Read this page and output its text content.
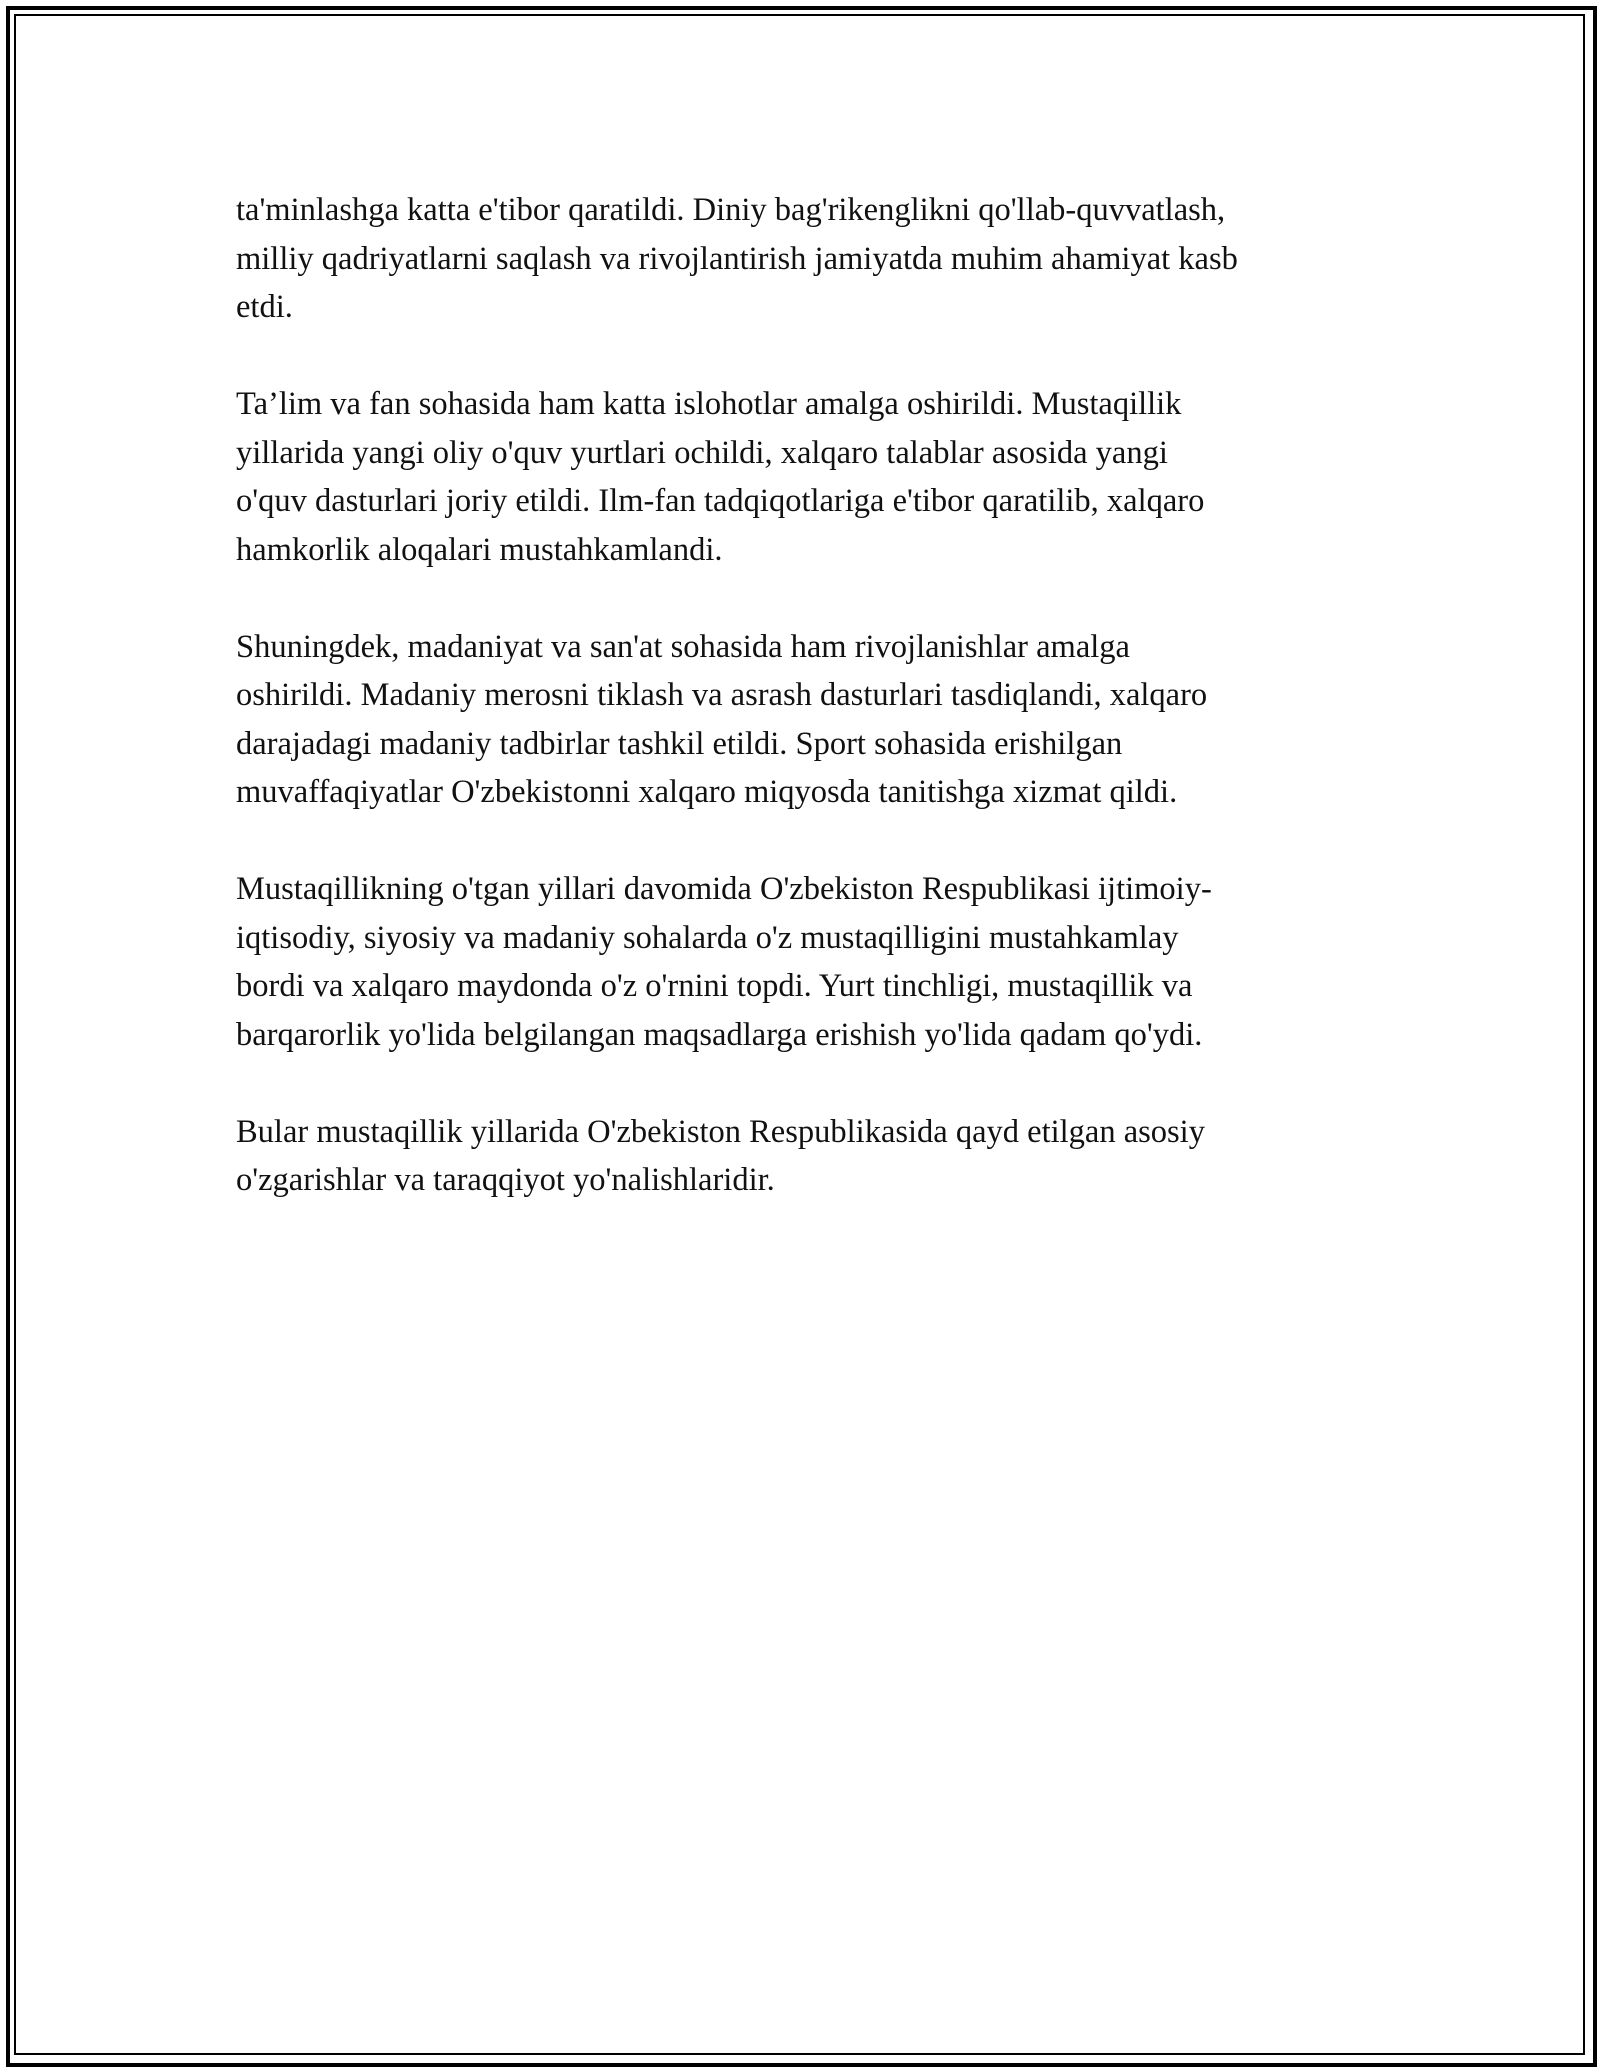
ta'minlashga katta e'tibor qaratildi. Diniy bag'rikenglikni qo'llab-quvvatlash,
milliy qadriyatlarni saqlash va rivojlantirish jamiyatda muhim ahamiyat kasb
etdi.

Ta’lim va fan sohasida ham katta islohotlar amalga oshirildi. Mustaqillik
yillarida yangi oliy o'quv yurtlari ochildi, xalqaro talablar asosida yangi
o'quv dasturlari joriy etildi. Ilm-fan tadqiqotlariga e'tibor qaratilib, xalqaro
hamkorlik aloqalari mustahkamlandi.

Shuningdek, madaniyat va san'at sohasida ham rivojlanishlar amalga
oshirildi. Madaniy merosni tiklash va asrash dasturlari tasdiqlandi, xalqaro
darajadagi madaniy tadbirlar tashkil etildi. Sport sohasida erishilgan
muvaffaqiyatlar O'zbekistonni xalqaro miqyosda tanitishga xizmat qildi.

Mustaqillikning o'tgan yillari davomida O'zbekiston Respublikasi ijtimoiy-
iqtisodiy, siyosiy va madaniy sohalarda o'z mustaqilligini mustahkamlay
bordi va xalqaro maydonda o'z o'rnini topdi. Yurt tinchligi, mustaqillik va
barqarorlik yo'lida belgilangan maqsadlarga erishish yo'lida qadam qo'ydi.

Bular mustaqillik yillarida O'zbekiston Respublikasida qayd etilgan asosiy
o'zgarishlar va taraqqiyot yo'nalishlaridir.
